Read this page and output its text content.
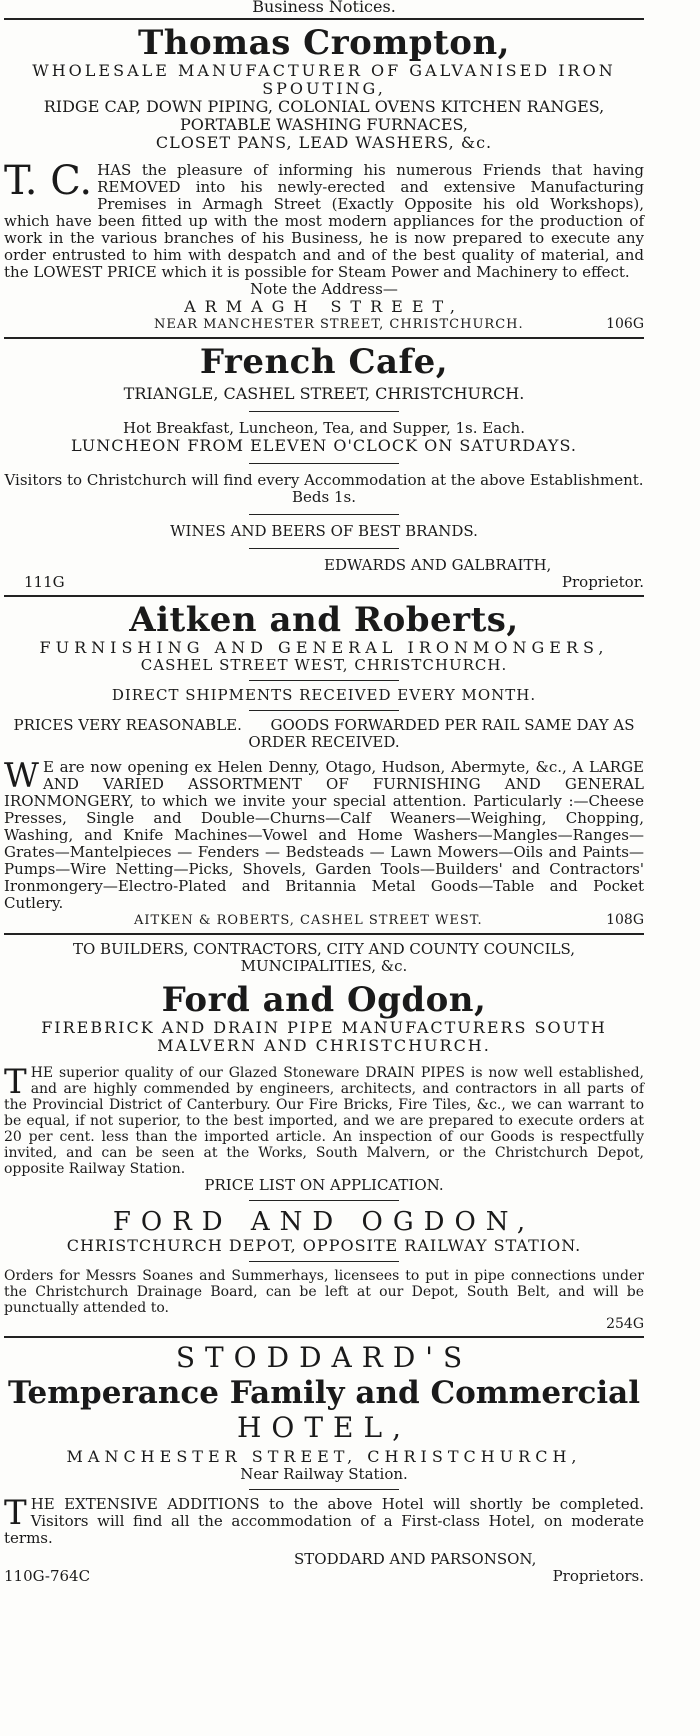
Business Notices.
Thomas Crompton,
WHOLESALE MANUFACTURER OF GALVANISED IRON SPOUTING,
RIDGE CAP, DOWN PIPING, COLONIAL OVENS KITCHEN RANGES,
PORTABLE WASHING FURNACES,
CLOSET PANS, LEAD WASHERS, &c.
T. C. HAS the pleasure of informing his numerous Friends that having REMOVED into his newly-erected and extensive Manufacturing Premises in Armagh Street (Exactly Opposite his old Workshops), which have been fitted up with the most modern appliances for the production of work in the various branches of his Business, he is now prepared to execute any order entrusted to him with despatch and and of the best quality of material, and the LOWEST PRICE which it is possible for Steam Power and Machinery to effect.
Note the Address—
ARMAGH STREET,
NEAR MANCHESTER STREET, CHRISTCHURCH.	106G
French Cafe,
TRIANGLE, CASHEL STREET, CHRISTCHURCH.
Hot Breakfast, Luncheon, Tea, and Supper, 1s. Each.
LUNCHEON FROM ELEVEN O'CLOCK ON SATURDAYS.
Visitors to Christchurch will find every Accommodation at the above Establishment. Beds 1s.
WINES AND BEERS OF BEST BRANDS.
EDWARDS AND GALBRAITH,
111G	Proprietor.
Aitken and Roberts,
FURNISHING AND GENERAL IRONMONGERS,
CASHEL STREET WEST, CHRISTCHURCH.
DIRECT SHIPMENTS RECEIVED EVERY MONTH.
PRICES VERY REASONABLE.      GOODS FORWARDED PER RAIL SAME DAY AS ORDER RECEIVED.
W E are now opening ex Helen Denny, Otago, Hudson, Abermyte, &c., A LARGE AND VARIED ASSORTMENT OF FURNISHING AND GENERAL IRONMONGERY, to which we invite your special attention. Particularly :—Cheese Presses, Single and Double—Churns—Calf Weaners—Weighing, Chopping, Washing, and Knife Machines—Vowel and Home Washers—Mangles—Ranges—Grates—Mantelpieces — Fenders — Bedsteads — Lawn Mowers—Oils and Paints—Pumps—Wire Netting—Picks, Shovels, Garden Tools—Builders' and Contractors' Ironmongery—Electro-Plated and Britannia Metal Goods—Table and Pocket Cutlery.
AITKEN & ROBERTS, CASHEL STREET WEST.	108G
TO BUILDERS, CONTRACTORS, CITY AND COUNTY COUNCILS,
MUNCIPALITIES, &c.
Ford and Ogdon,
FIREBRICK AND DRAIN PIPE MANUFACTURERS SOUTH MALVERN AND CHRISTCHURCH.
THE superior quality of our Glazed Stoneware DRAIN PIPES is now well established, and are highly commended by engineers, architects, and contractors in all parts of the Provincial District of Canterbury. Our Fire Bricks, Fire Tiles, &c., we can warrant to be equal, if not superior, to the best imported, and we are prepared to execute orders at 20 per cent. less than the imported article. An inspection of our Goods is respectfully invited, and can be seen at the Works, South Malvern, or the Christchurch Depot, opposite Railway Station.
PRICE LIST ON APPLICATION.
FORD AND OGDON,
CHRISTCHURCH DEPOT, OPPOSITE RAILWAY STATION.
Orders for Messrs Soanes and Summerhays, licensees to put in pipe connections under the Christchurch Drainage Board, can be left at our Depot, South Belt, and will be punctually attended to.
254G
STODDARD'S
Temperance Family and Commercial
HOTEL,
MANCHESTER STREET, CHRISTCHURCH,
Near Railway Station.
THE EXTENSIVE ADDITIONS to the above Hotel will shortly be completed. Visitors will find all the accommodation of a First-class Hotel, on moderate terms.
STODDARD AND PARSONSON,
110G-764C	Proprietors.
